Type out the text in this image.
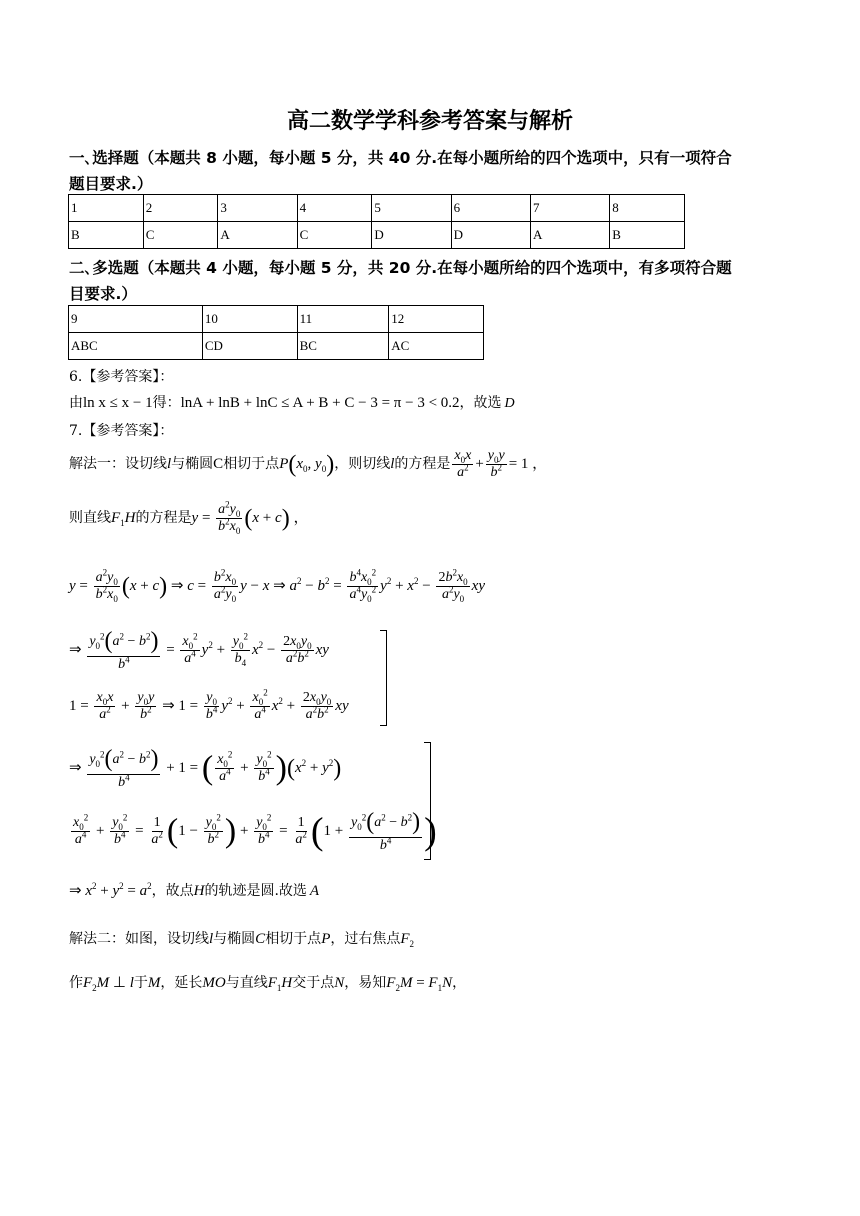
高二数学学科参考答案与解析
一､选择题（本题共 8 小题，每小题 5 分，共 40 分.在每小题所给的四个选项中，只有一项符合
题目要求.）
1	2	3	4	5	6	7	8
B	C	A	C	D	D	A	B
二､多选题（本题共 4 小题，每小题 5 分，共 20 分.在每小题所给的四个选项中，有多项符合题
目要求.）
9	10	11	12
ABC	CD	BC	AC
6.【参考答案】：
由ln x ≤ x − 1得：lnA + lnB + lnC ≤ A + B + C − 3 = π − 3 < 0.2，故选 D
7.【参考答案】：
解法一：设切线l与椭圆C相切于点$P(x_0$, $y_0$)，则切线l的方程是 $\frac{x_0x}{a^2} + \frac{y_0y}{b^2} = 1$ ，
则直线$F_1H$的方程是$y = \frac{a^2y_0}{b^2x_0} (x + c)$ ，
$y = \frac{a^2y_0}{b^2x_0} (x + c)$ ⇒ $c = \frac{b^2x_0}{a^2y_0}$ y − x ⇒ $a^2 - b^2 = \frac{b^4x_0^2}{a^4y_0^2} y^2 + x^2 - \frac{2b^2x_0}{a^2y_0}$ xy
⇒ $\frac{y_0^2(a^2 - b^2)}{b^4} = \frac{x_0^2}{a^4} y^2 + \frac{y_0^2}{b_4} x^2 - \frac{2x_0y_0}{a^2b^2}$ xy
$1 = \frac{x_0x}{a^2} + \frac{y_0y}{b^2}$ ⇒ $1 = \frac{y_0}{b^4} y^2 + \frac{x_0^2}{a^4} x^2 + \frac{2x_0y_0}{a^2b^2}$ xy
⇒ $\frac{y_0^2(a^2 - b^2)}{b^4} + 1$ = ( $\frac{x_0^2}{a^4} + \frac{y_0^2}{b^4} )(x^2 + y^2)$
$\frac{x_0^2}{a^4} + \frac{y_0^2}{b^4} = \frac{1}{a^2} (1 - \frac{y_0^2}{b^2}$ ) + $\frac{y_0^2}{b^4} = \frac{1}{a^2} (1 + \frac{y_0^2(a^2 - b^2)}{b^4}$ )
⇒ $x^2 + y^2 = a^2$，故点H的轨迹是圆.故选 A
解法二：如图，设切线l与椭圆C相切于点P，过右焦点$F_2$
作$F_2M$ ⊥ l于M，延长MO与直线$F_1H$交于点N，易知$F_2M = F_1N$，
